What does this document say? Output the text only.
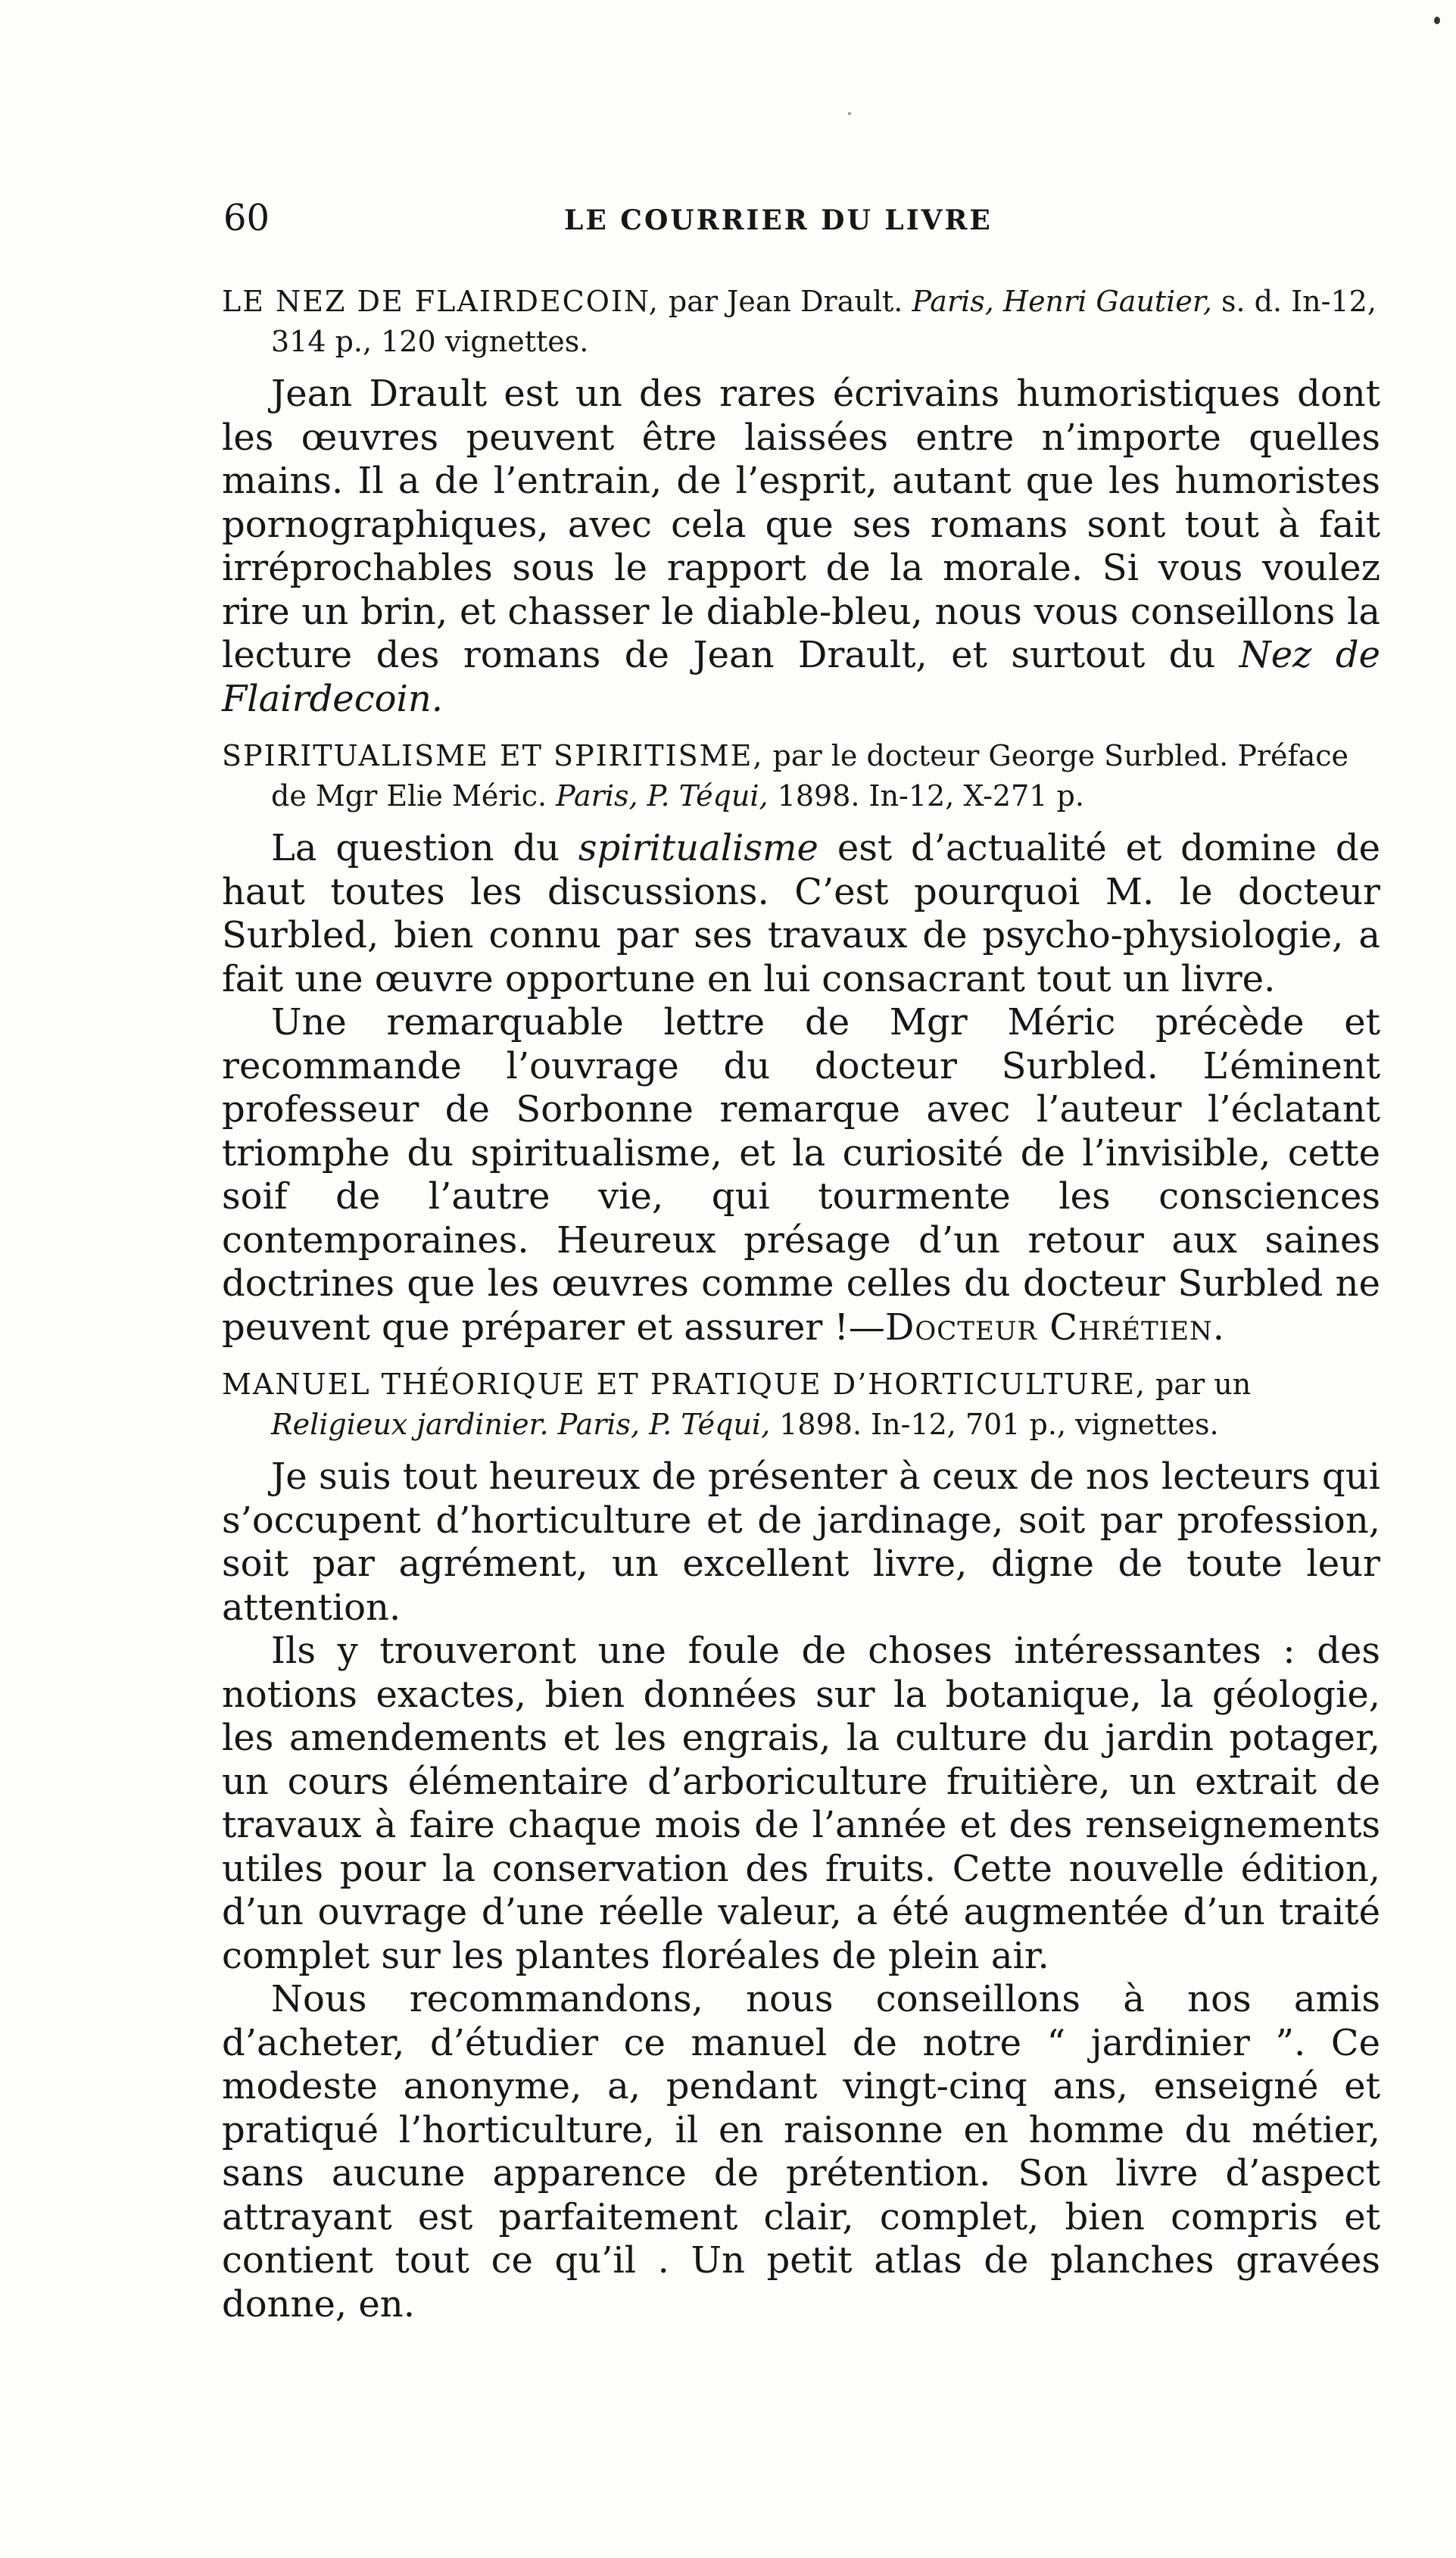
60	LE COURRIER DU LIVRE

LE NEZ DE FLAIRDECOIN, par Jean Drault. Paris, Henri Gautier, s. d. In-12, 314 p., 120 vignettes.

Jean Drault est un des rares écrivains humoristiques dont les œuvres peuvent être laissées entre n’importe quelles mains. Il a de l’entrain, de l’esprit, autant que les humoristes pornographiques, avec cela que ses romans sont tout à fait irréprochables sous le rapport de la morale. Si vous voulez rire un brin, et chasser le diable-bleu, nous vous conseillons la lecture des romans de Jean Drault, et surtout du Nez de Flairdecoin.

SPIRITUALISME ET SPIRITISME, par le docteur George Surbled. Préface de Mgr Elie Méric. Paris, P. Téqui, 1898. In-12, X-271 p.

La question du spiritualisme est d’actualité et domine de haut toutes les discussions. C’est pourquoi M. le docteur Surbled, bien connu par ses travaux de psycho-physiologie, a fait une œuvre opportune en lui consacrant tout un livre.

Une remarquable lettre de Mgr Méric précède et recommande l’ouvrage du docteur Surbled. L’éminent professeur de Sorbonne remarque avec l’auteur l’éclatant triomphe du spiritualisme, et la curiosité de l’invisible, cette soif de l’autre vie, qui tourmente les consciences contemporaines. Heureux présage d’un retour aux saines doctrines que les œuvres comme celles du docteur Surbled ne peuvent que préparer et assurer !—Docteur Chrétien.

MANUEL THÉORIQUE ET PRATIQUE D’HORTICULTURE, par un Religieux jardinier. Paris, P. Téqui, 1898. In-12, 701 p., vignettes.

Je suis tout heureux de présenter à ceux de nos lecteurs qui s’occupent d’horticulture et de jardinage, soit par profession, soit par agrément, un excellent livre, digne de toute leur attention.

Ils y trouveront une foule de choses intéressantes : des notions exactes, bien données sur la botanique, la géologie, les amendements et les engrais, la culture du jardin potager, un cours élémentaire d’arboriculture fruitière, un extrait de travaux à faire chaque mois de l’année et des renseignements utiles pour la conservation des fruits. Cette nouvelle édition, d’un ouvrage d’une réelle valeur, a été augmentée d’un traité complet sur les plantes floréales de plein air.

Nous recommandons, nous conseillons à nos amis d’acheter, d’étudier ce manuel de notre “ jardinier ”. Ce modeste anonyme, a, pendant vingt-cinq ans, enseigné et pratiqué l’horticulture, il en raisonne en homme du métier, sans aucune apparence de prétention. Son livre d’aspect attrayant est parfaitement clair, complet, bien compris et contient tout ce qu’il . Un petit atlas de planches gravées donne, en.
